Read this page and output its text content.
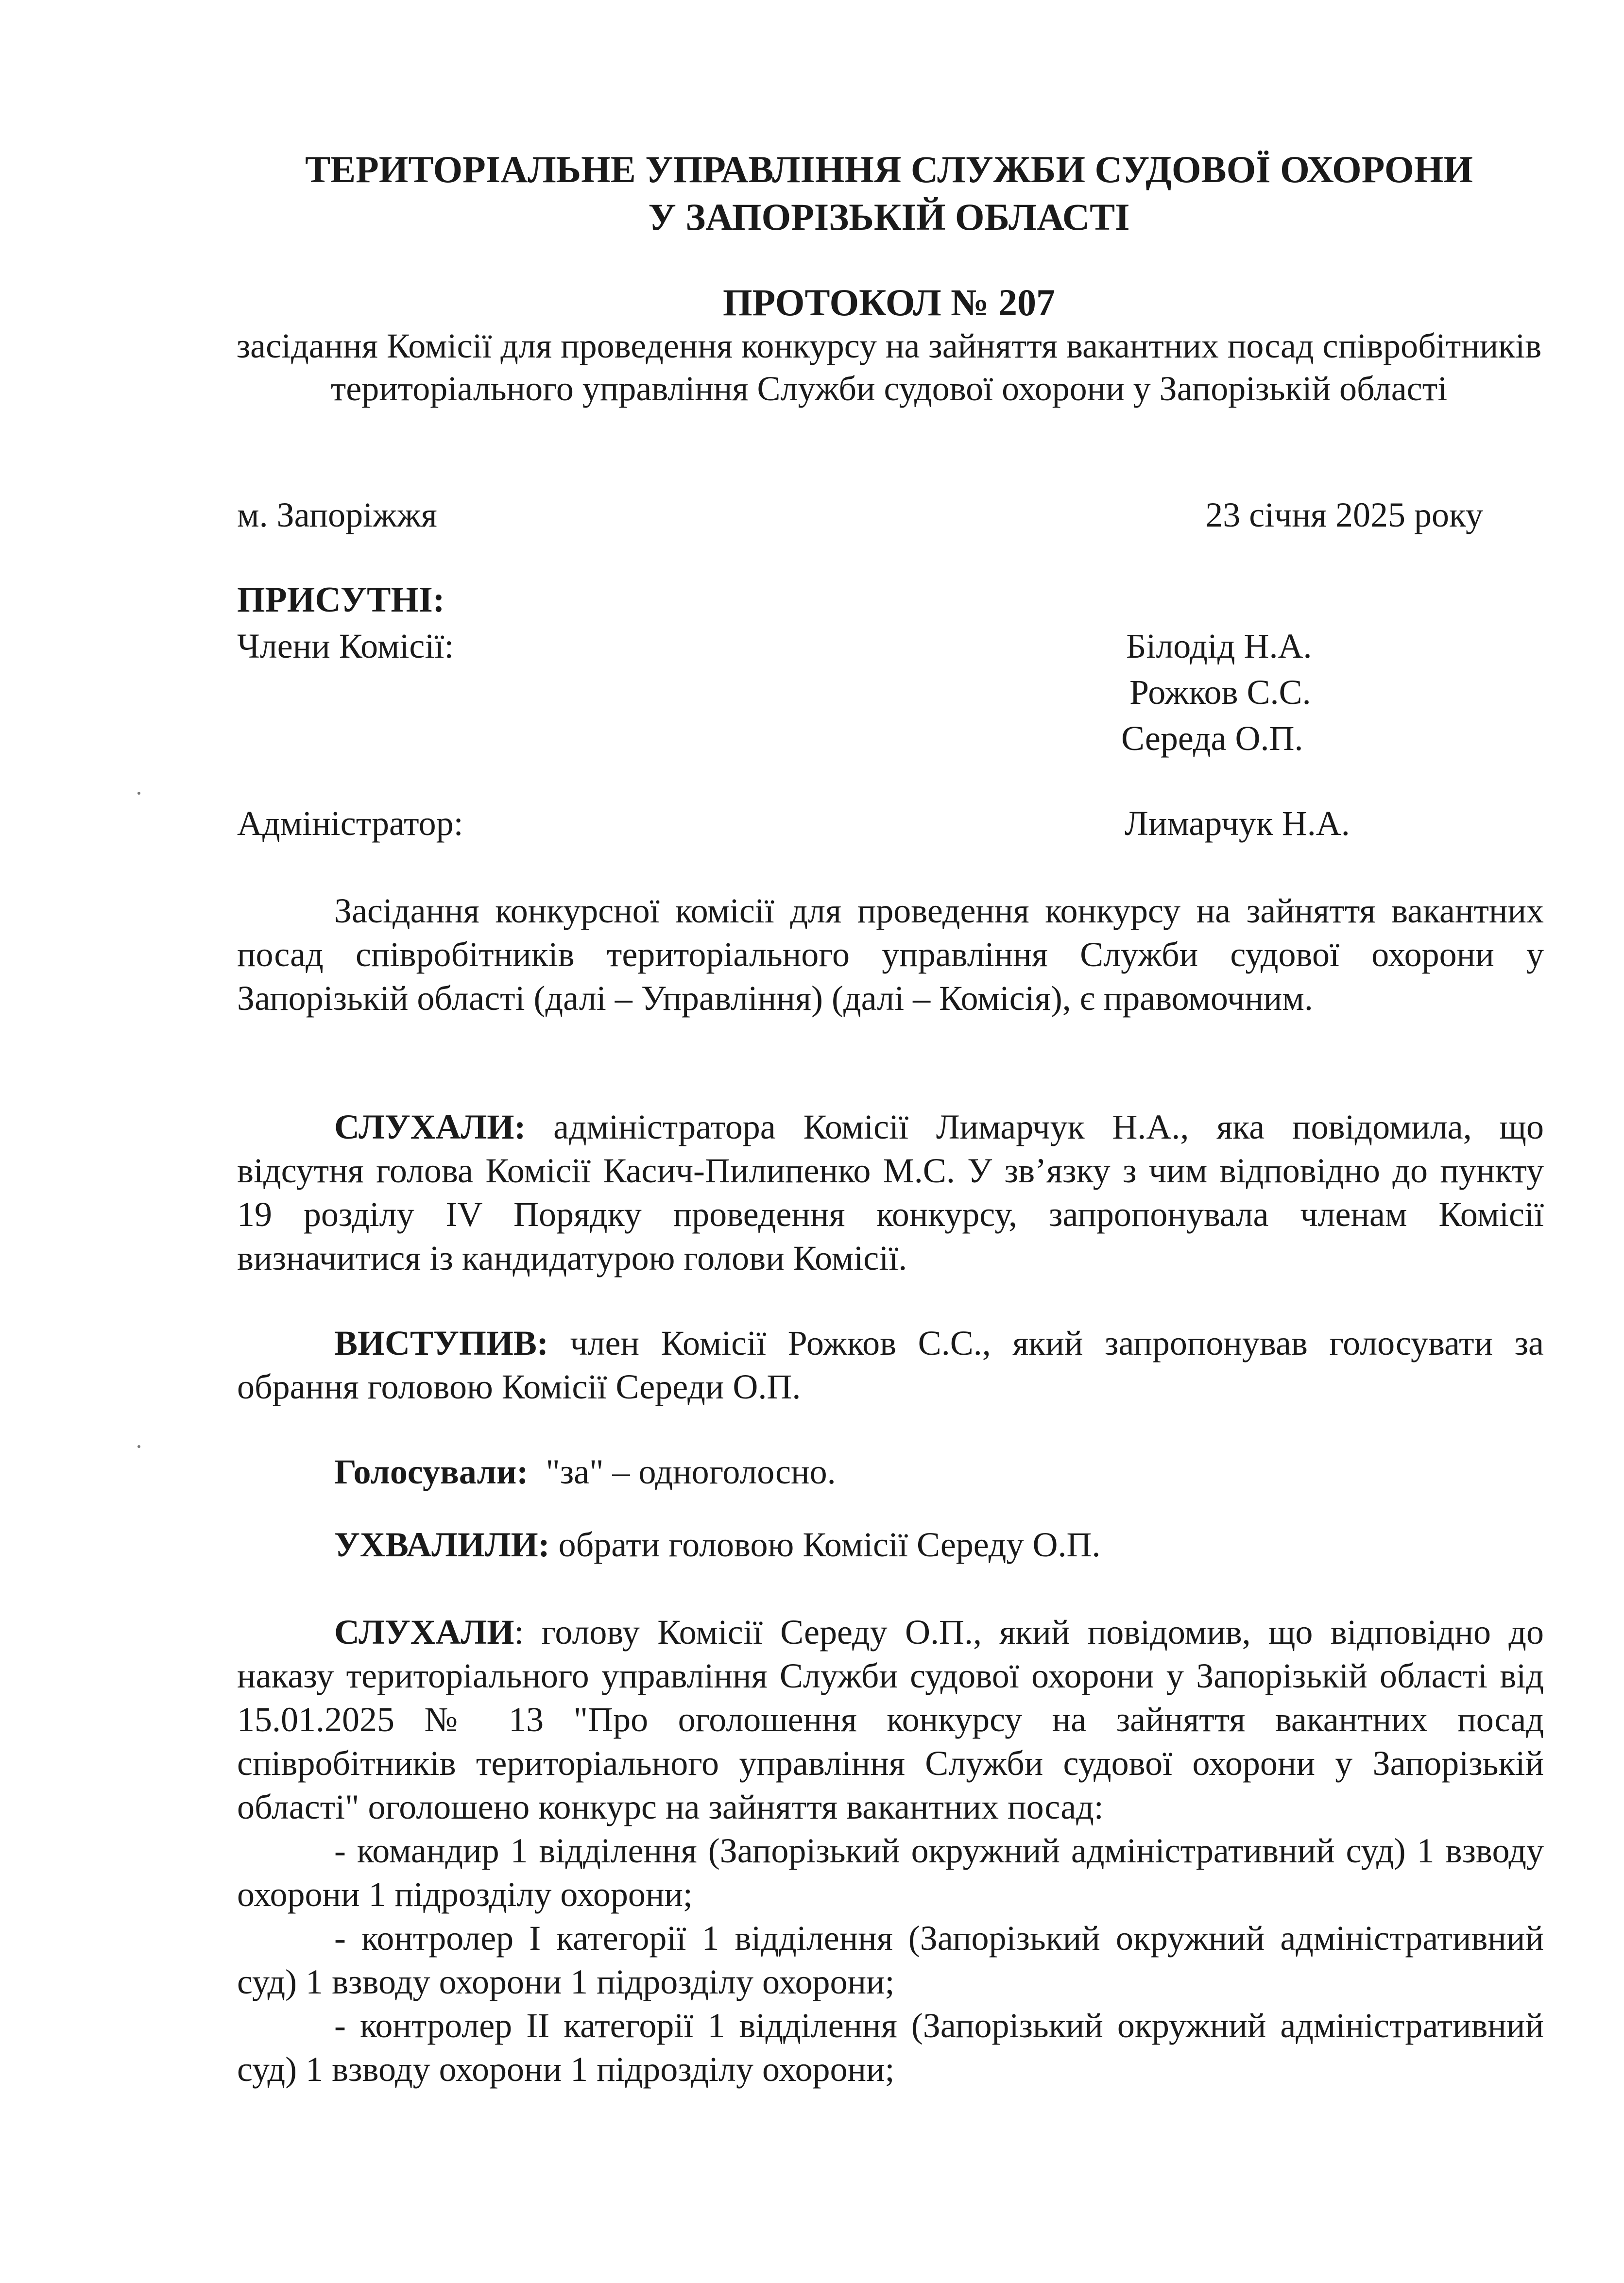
ТЕРИТОРІАЛЬНЕ УПРАВЛІННЯ СЛУЖБИ СУДОВОЇ ОХОРОНИ
У ЗАПОРІЗЬКІЙ ОБЛАСТІ
ПРОТОКОЛ № 207
засідання Комісії для проведення конкурсу на зайняття вакантних посад співробітників територіального управління Служби судової охорони у Запорізькій області
м. Запоріжжя	23 січня 2025 року
ПРИСУТНІ:
Члени Комісії:	Білодід Н.А.
Рожков С.С.
Середа О.П.
Адміністратор:	Лимарчук Н.А.

Засідання конкурсної комісії для проведення конкурсу на зайняття вакантних посад співробітників територіального управління Служби судової охорони у Запорізькій області (далі – Управління) (далі – Комісія), є правомочним.

СЛУХАЛИ: адміністратора Комісії Лимарчук Н.А., яка повідомила, що відсутня голова Комісії Касич-Пилипенко М.С. У зв’язку з чим відповідно до пункту 19 розділу IV Порядку проведення конкурсу, запропонувала членам Комісії визначитися із кандидатурою голови Комісії.

ВИСТУПИВ: член Комісії Рожков С.С., який запропонував голосувати за обрання головою Комісії Середи О.П.

Голосували:  "за" – одноголосно.

УХВАЛИЛИ: обрати головою Комісії Середу О.П.

СЛУХАЛИ: голову Комісії Середу О.П., який повідомив, що відповідно до наказу територіального управління Служби судової охорони у Запорізькій області від 15.01.2025 № 13 "Про оголошення конкурсу на зайняття вакантних посад співробітників територіального управління Служби судової охорони у Запорізькій області" оголошено конкурс на зайняття вакантних посад:

- командир 1 відділення (Запорізький окружний адміністративний суд) 1 взводу охорони 1 підрозділу охорони;

- контролер І категорії 1 відділення (Запорізький окружний адміністративний суд) 1 взводу охорони 1 підрозділу охорони;

- контролер ІІ категорії 1 відділення (Запорізький окружний адміністративний суд) 1 взводу охорони 1 підрозділу охорони;
